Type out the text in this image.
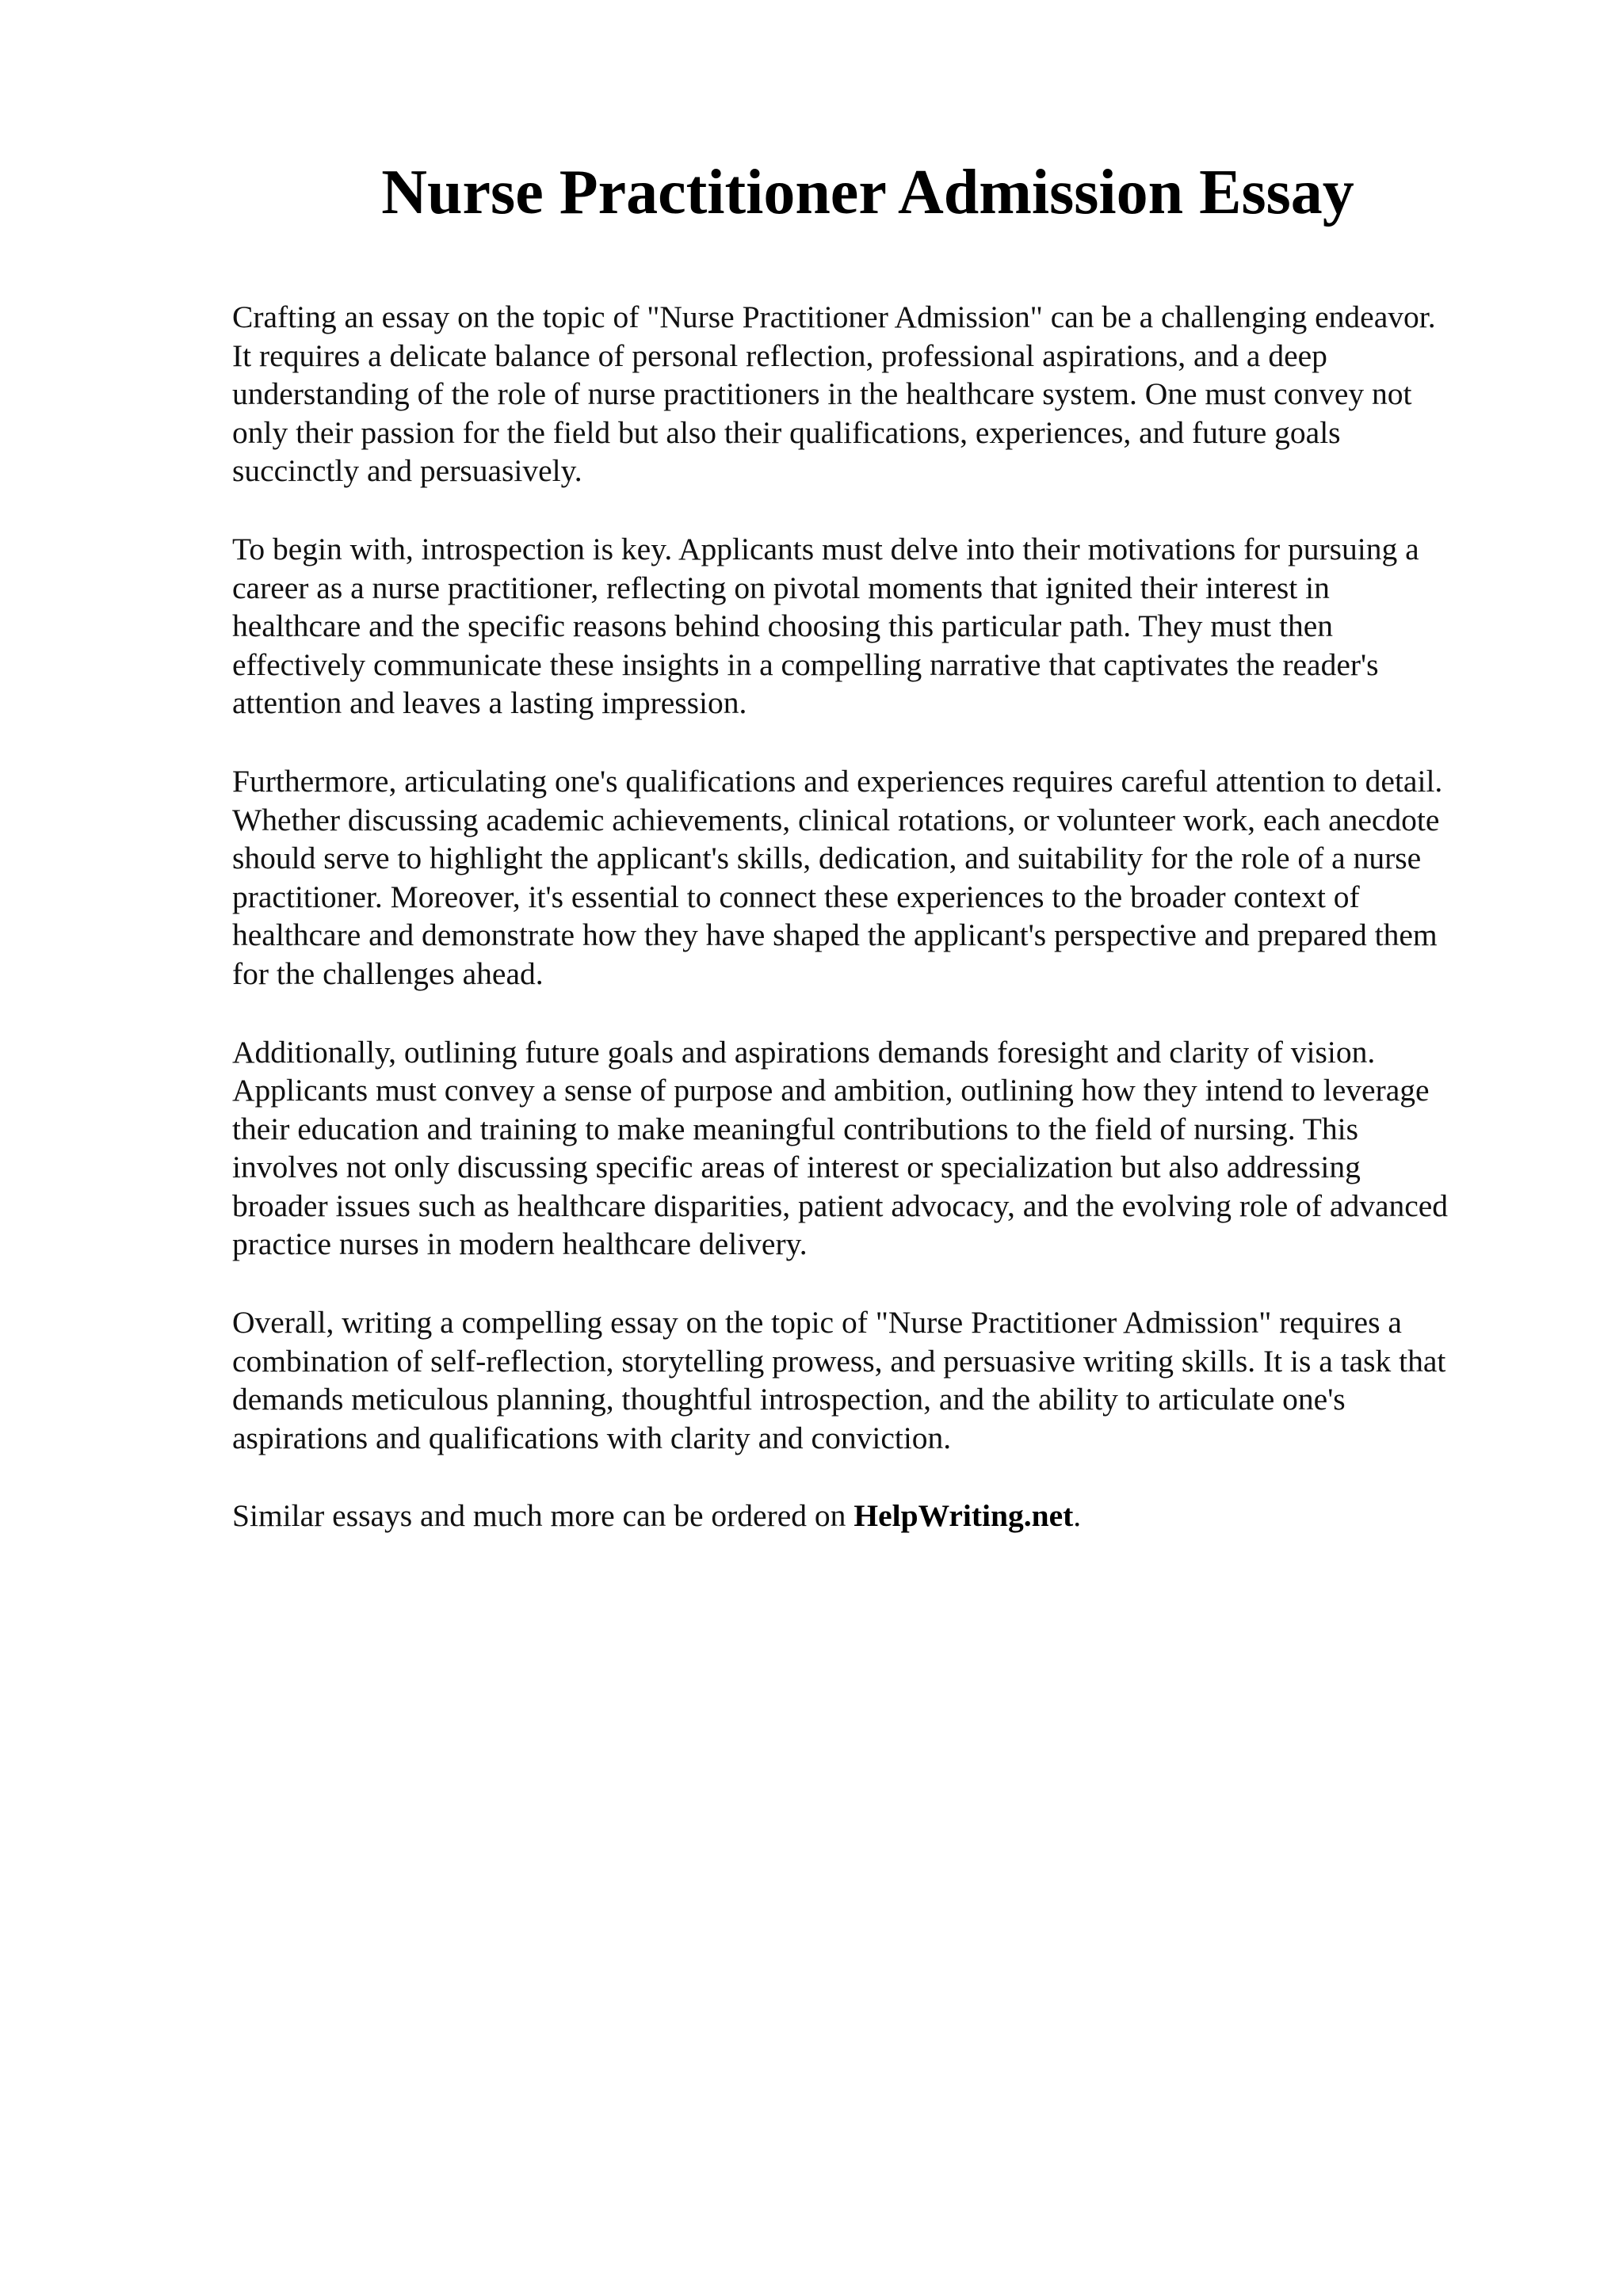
Nurse Practitioner Admission Essay

Crafting an essay on the topic of "Nurse Practitioner Admission" can be a challenging endeavor.
It requires a delicate balance of personal reflection, professional aspirations, and a deep
understanding of the role of nurse practitioners in the healthcare system. One must convey not
only their passion for the field but also their qualifications, experiences, and future goals
succinctly and persuasively.

To begin with, introspection is key. Applicants must delve into their motivations for pursuing a
career as a nurse practitioner, reflecting on pivotal moments that ignited their interest in
healthcare and the specific reasons behind choosing this particular path. They must then
effectively communicate these insights in a compelling narrative that captivates the reader's
attention and leaves a lasting impression.

Furthermore, articulating one's qualifications and experiences requires careful attention to detail.
Whether discussing academic achievements, clinical rotations, or volunteer work, each anecdote
should serve to highlight the applicant's skills, dedication, and suitability for the role of a nurse
practitioner. Moreover, it's essential to connect these experiences to the broader context of
healthcare and demonstrate how they have shaped the applicant's perspective and prepared them
for the challenges ahead.

Additionally, outlining future goals and aspirations demands foresight and clarity of vision.
Applicants must convey a sense of purpose and ambition, outlining how they intend to leverage
their education and training to make meaningful contributions to the field of nursing. This
involves not only discussing specific areas of interest or specialization but also addressing
broader issues such as healthcare disparities, patient advocacy, and the evolving role of advanced
practice nurses in modern healthcare delivery.

Overall, writing a compelling essay on the topic of "Nurse Practitioner Admission" requires a
combination of self-reflection, storytelling prowess, and persuasive writing skills. It is a task that
demands meticulous planning, thoughtful introspection, and the ability to articulate one's
aspirations and qualifications with clarity and conviction.

Similar essays and much more can be ordered on HelpWriting.net.
